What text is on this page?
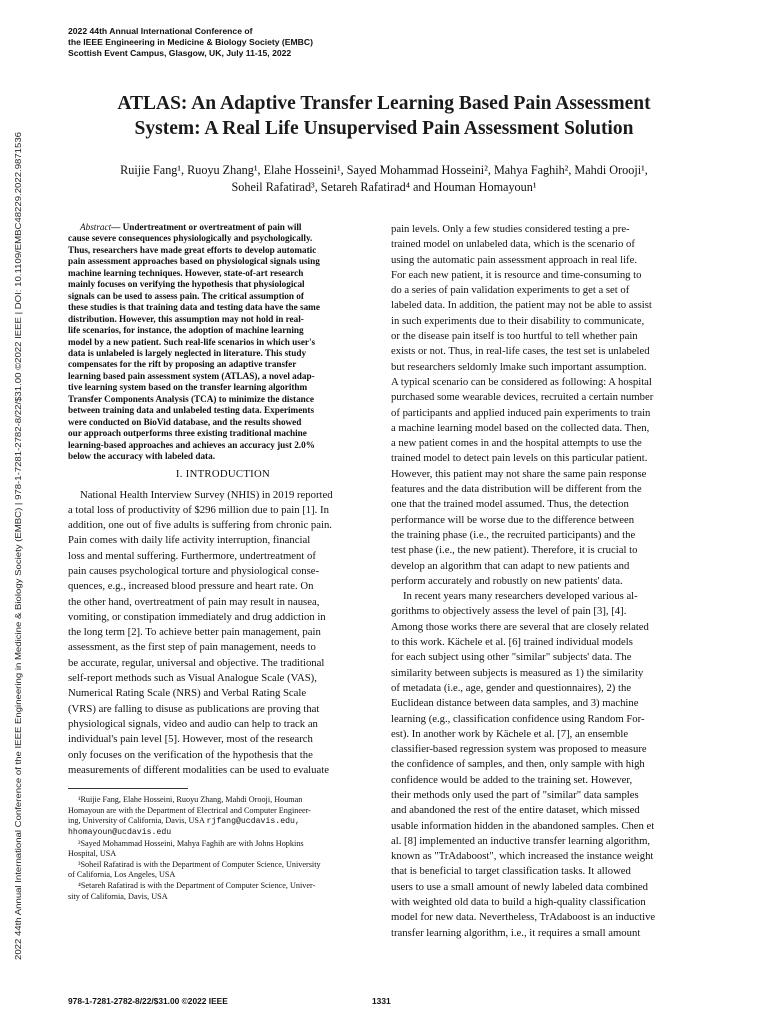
2022 44th Annual International Conference of
the IEEE Engineering in Medicine & Biology Society (EMBC)
Scottish Event Campus, Glasgow, UK, July 11-15, 2022
ATLAS: An Adaptive Transfer Learning Based Pain Assessment
System: A Real Life Unsupervised Pain Assessment Solution
Ruijie Fang¹, Ruoyu Zhang¹, Elahe Hosseini¹, Sayed Mohammad Hosseini², Mahya Faghih², Mahdi Orooji¹,
Soheil Rafatirad³, Setareh Rafatirad⁴ and Houman Homayoun¹
2022 44th Annual International Conference of the IEEE Engineering in Medicine & Biology Society (EMBC) | 978-1-7281-2782-8/22/$31.00 ©2022 IEEE | DOI: 10.1109/EMBC48229.2022.9871536
Abstract— Undertreatment or overtreatment of pain will
cause severe consequences physiologically and psychologically.
Thus, researchers have made great efforts to develop automatic
pain assessment approaches based on physiological signals using
machine learning techniques. However, state-of-art research
mainly focuses on verifying the hypothesis that physiological
signals can be used to assess pain. The critical assumption of
these studies is that training data and testing data have the same
distribution. However, this assumption may not hold in real-
life scenarios, for instance, the adoption of machine learning
model by a new patient. Such real-life scenarios in which user's
data is unlabeled is largely neglected in literature. This study
compensates for the rift by proposing an adaptive transfer
learning based pain assessment system (ATLAS), a novel adap-
tive learning system based on the transfer learning algorithm
Transfer Components Analysis (TCA) to minimize the distance
between training data and unlabeled testing data. Experiments
were conducted on BioVid database, and the results showed
our approach outperforms three existing traditional machine
learning-based approaches and achieves an accuracy just 2.0%
below the accuracy with labeled data.
I. INTRODUCTION
National Health Interview Survey (NHIS) in 2019 reported
a total loss of productivity of $296 million due to pain [1]. In
addition, one out of five adults is suffering from chronic pain.
Pain comes with daily life activity interruption, financial
loss and mental suffering. Furthermore, undertreatment of
pain causes psychological torture and physiological conse-
quences, e.g., increased blood pressure and heart rate. On
the other hand, overtreatment of pain may result in nausea,
vomiting, or constipation immediately and drug addiction in
the long term [2]. To achieve better pain management, pain
assessment, as the first step of pain management, needs to
be accurate, regular, universal and objective. The traditional
self-report methods such as Visual Analogue Scale (VAS),
Numerical Rating Scale (NRS) and Verbal Rating Scale
(VRS) are falling to disuse as publications are proving that
physiological signals, video and audio can help to track an
individual's pain level [5]. However, most of the research
only focuses on the verification of the hypothesis that the
measurements of different modalities can be used to evaluate
¹Ruijie Fang, Elahe Hosseini, Ruoyu Zhang, Mahdi Orooji, Houman
Homayoun are with the Department of Electrical and Computer Engineer-
ing, University of California, Davis, USA rjfang@ucdavis.edu,
hhomayoun@ucdavis.edu
²Sayed Mohammad Hosseini, Mahya Faghih are with Johns Hopkins
Hospital, USA
³Soheil Rafatirad is with the Department of Computer Science, University
of California, Los Angeles, USA
⁴Setareh Rafatirad is with the Department of Computer Science, Univer-
sity of California, Davis, USA
pain levels. Only a few studies considered testing a pre-
trained model on unlabeled data, which is the scenario of
using the automatic pain assessment approach in real life.
For each new patient, it is resource and time-consuming to
do a series of pain validation experiments to get a set of
labeled data. In addition, the patient may not be able to assist
in such experiments due to their disability to communicate,
or the disease pain itself is too hurtful to tell whether pain
exists or not. Thus, in real-life cases, the test set is unlabeled
but researchers seldomly lmake such important assumption.
A typical scenario can be considered as following: A hospital
purchased some wearable devices, recruited a certain number
of participants and applied induced pain experiments to train
a machine learning model based on the collected data. Then,
a new patient comes in and the hospital attempts to use the
trained model to detect pain levels on this particular patient.
However, this patient may not share the same pain response
features and the data distribution will be different from the
one that the trained model assumed. Thus, the detection
performance will be worse due to the difference between
the training phase (i.e., the recruited participants) and the
test phase (i.e., the new patient). Therefore, it is crucial to
develop an algorithm that can adapt to new patients and
perform accurately and robustly on new patients' data.
In recent years many researchers developed various al-
gorithms to objectively assess the level of pain [3], [4].
Among those works there are several that are closely related
to this work. Kächele et al. [6] trained individual models
for each subject using other "similar" subjects' data. The
similarity between subjects is measured as 1) the similarity
of metadata (i.e., age, gender and questionnaires), 2) the
Euclidean distance between data samples, and 3) machine
learning (e.g., classification confidence using Random For-
est). In another work by Kächele et al. [7], an ensemble
classifier-based regression system was proposed to measure
the confidence of samples, and then, only sample with high
confidence would be added to the training set. However,
their methods only used the part of "similar" data samples
and abandoned the rest of the entire dataset, which missed
usable information hidden in the abandoned samples. Chen et
al. [8] implemented an inductive transfer learning algorithm,
known as "TrAdaboost", which increased the instance weight
that is beneficial to target classification tasks. It allowed
users to use a small amount of newly labeled data combined
with weighted old data to build a high-quality classification
model for new data. Nevertheless, TrAdaboost is an inductive
transfer learning algorithm, i.e., it requires a small amount
978-1-7281-2782-8/22/$31.00 ©2022 IEEE	1331
